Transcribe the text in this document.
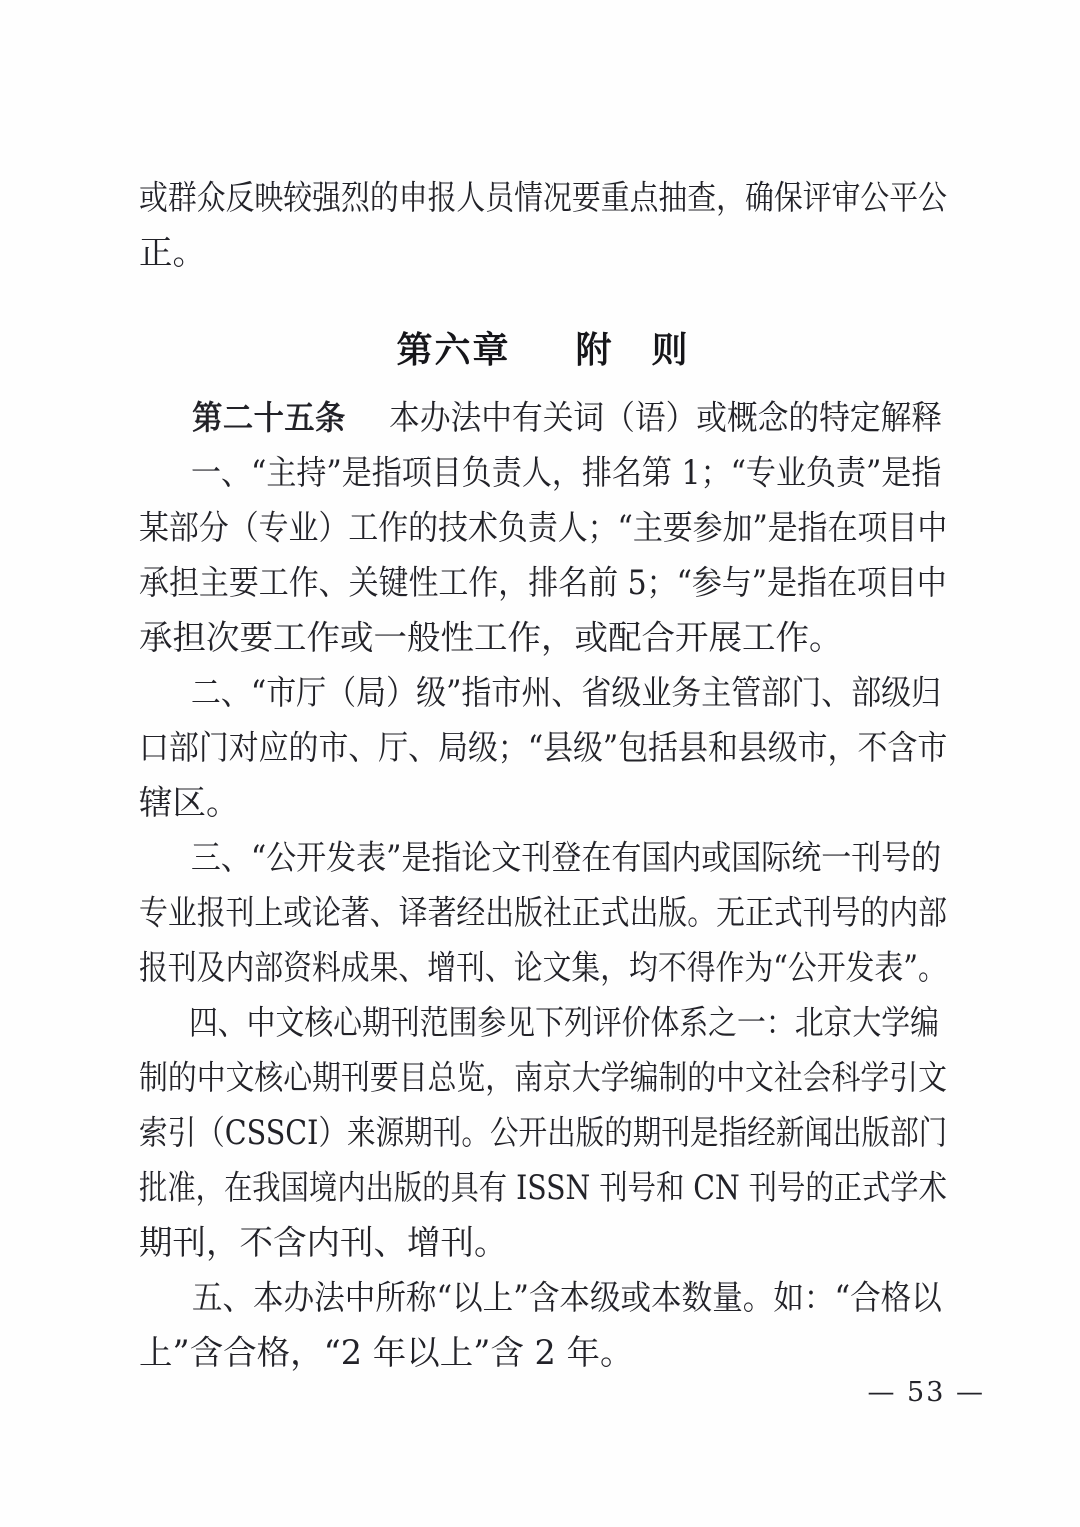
或群众反映较强烈的申报人员情况要重点抽查，确保评审公平公
正。
第六章 附　则
第二十五条 本办法中有关词（语）或概念的特定解释
一、“主持”是指项目负责人，排名第 1；“专业负责”是指
某部分（专业）工作的技术负责人；“主要参加”是指在项目中
承担主要工作、关键性工作，排名前 5；“参与”是指在项目中
承担次要工作或一般性工作，或配合开展工作。
二、“市厅（局）级”指市州、省级业务主管部门、部级归
口部门对应的市、厅、局级；“县级”包括县和县级市，不含市
辖区。
三、“公开发表”是指论文刊登在有国内或国际统一刊号的
专业报刊上或论著、译著经出版社正式出版。无正式刊号的内部
报刊及内部资料成果、增刊、论文集，均不得作为“公开发表”。
四、中文核心期刊范围参见下列评价体系之一：北京大学编
制的中文核心期刊要目总览，南京大学编制的中文社会科学引文
索引（CSSCI）来源期刊。公开出版的期刊是指经新闻出版部门
批准，在我国境内出版的具有 ISSN 刊号和 CN 刊号的正式学术
期刊，不含内刊、增刊。
五、本办法中所称“以上”含本级或本数量。如：“合格以
上”含合格，“2 年以上”含 2 年。
— 53 —
